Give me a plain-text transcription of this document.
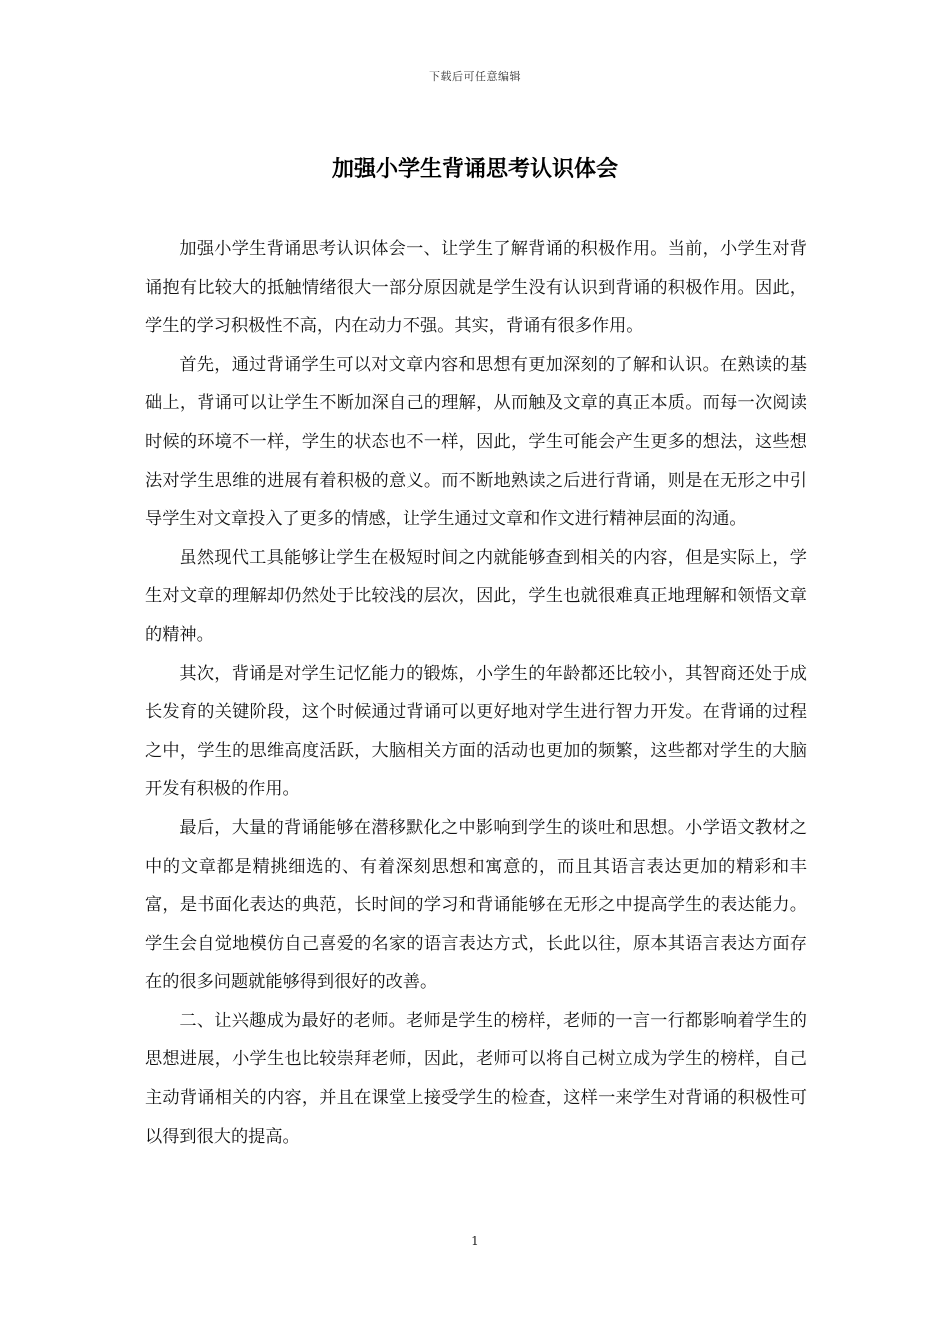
下载后可任意编辑
加强小学生背诵思考认识体会

加强小学生背诵思考认识体会一、让学生了解背诵的积极作用。当前，小学生对背诵抱有比较大的抵触情绪很大一部分原因就是学生没有认识到背诵的积极作用。因此，学生的学习积极性不高，内在动力不强。其实，背诵有很多作用。

首先，通过背诵学生可以对文章内容和思想有更加深刻的了解和认识。在熟读的基础上，背诵可以让学生不断加深自己的理解，从而触及文章的真正本质。而每一次阅读时候的环境不一样，学生的状态也不一样，因此，学生可能会产生更多的想法，这些想法对学生思维的进展有着积极的意义。而不断地熟读之后进行背诵，则是在无形之中引导学生对文章投入了更多的情感，让学生通过文章和作文进行精神层面的沟通。

虽然现代工具能够让学生在极短时间之内就能够查到相关的内容，但是实际上，学生对文章的理解却仍然处于比较浅的层次，因此，学生也就很难真正地理解和领悟文章的精神。

其次，背诵是对学生记忆能力的锻炼，小学生的年龄都还比较小，其智商还处于成长发育的关键阶段，这个时候通过背诵可以更好地对学生进行智力开发。在背诵的过程之中，学生的思维高度活跃，大脑相关方面的活动也更加的频繁，这些都对学生的大脑开发有积极的作用。

最后，大量的背诵能够在潜移默化之中影响到学生的谈吐和思想。小学语文教材之中的文章都是精挑细选的、有着深刻思想和寓意的，而且其语言表达更加的精彩和丰富，是书面化表达的典范，长时间的学习和背诵能够在无形之中提高学生的表达能力。学生会自觉地模仿自己喜爱的名家的语言表达方式，长此以往，原本其语言表达方面存在的很多问题就能够得到很好的改善。

二、让兴趣成为最好的老师。老师是学生的榜样，老师的一言一行都影响着学生的思想进展，小学生也比较崇拜老师，因此，老师可以将自己树立成为学生的榜样，自己主动背诵相关的内容，并且在课堂上接受学生的检查，这样一来学生对背诵的积极性可以得到很大的提高。

1
